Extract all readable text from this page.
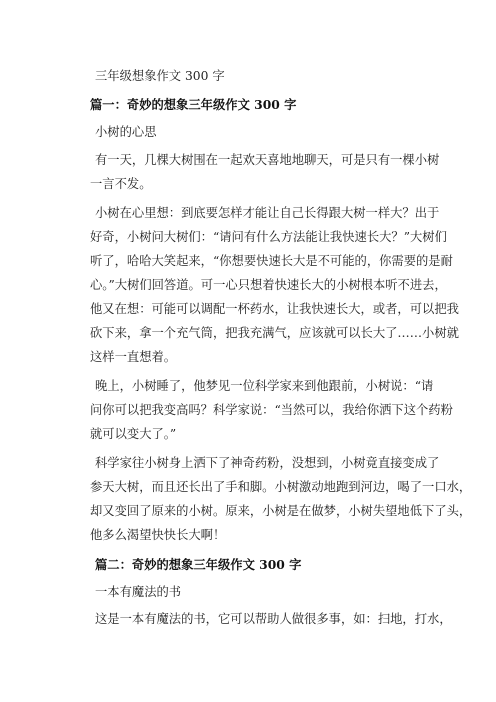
三年级想象作文 300 字
篇一：奇妙的想象三年级作文 300 字
小树的心思
有一天，几棵大树围在一起欢天喜地地聊天，可是只有一棵小树
一言不发。
小树在心里想：到底要怎样才能让自己长得跟大树一样大？出于
好奇，小树问大树们：“请问有什么方法能让我快速长大？”大树们
听了，哈哈大笑起来，“你想要快速长大是不可能的，你需要的是耐
心。”大树们回答道。可一心只想着快速长大的小树根本听不进去，
他又在想：可能可以调配一杯药水，让我快速长大，或者，可以把我
砍下来，拿一个充气筒，把我充满气，应该就可以长大了……小树就
这样一直想着。
晚上，小树睡了，他梦见一位科学家来到他跟前，小树说：“请
问你可以把我变高吗？科学家说：“当然可以，我给你洒下这个药粉
就可以变大了。”
科学家往小树身上洒下了神奇药粉，没想到，小树竟直接变成了
参天大树，而且还长出了手和脚。小树激动地跑到河边，喝了一口水，
却又变回了原来的小树。原来，小树是在做梦，小树失望地低下了头，
他多么渴望快快长大啊！
篇二：奇妙的想象三年级作文 300 字
一本有魔法的书
这是一本有魔法的书，它可以帮助人做很多事，如：扫地，打水，
